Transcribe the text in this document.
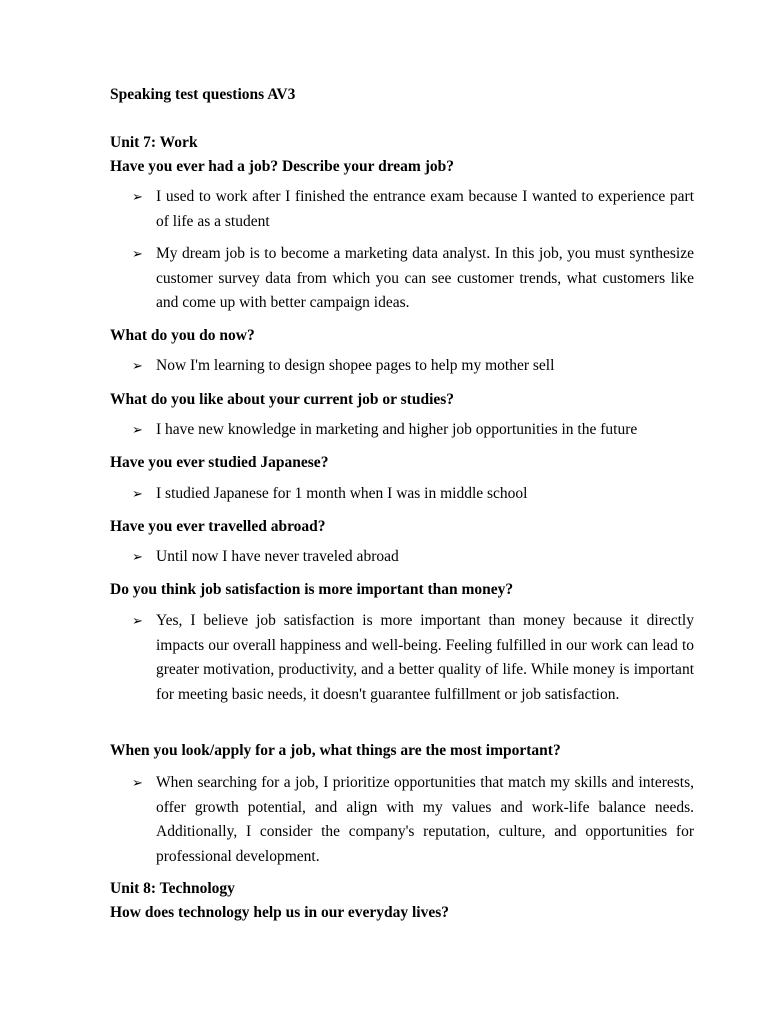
Speaking test questions AV3
Unit 7: Work
Have you ever had a job? Describe your dream job?
➢ I used to work after I finished the entrance exam because I wanted to experience part of life as a student
➢ My dream job is to become a marketing data analyst. In this job, you must synthesize customer survey data from which you can see customer trends, what customers like and come up with better campaign ideas.
What do you do now?
➢ Now I'm learning to design shopee pages to help my mother sell
What do you like about your current job or studies?
➢ I have new knowledge in marketing and higher job opportunities in the future
Have you ever studied Japanese?
➢ I studied Japanese for 1 month when I was in middle school
Have you ever travelled abroad?
➢ Until now I have never traveled abroad
Do you think job satisfaction is more important than money?
➢ Yes, I believe job satisfaction is more important than money because it directly impacts our overall happiness and well-being. Feeling fulfilled in our work can lead to greater motivation, productivity, and a better quality of life. While money is important for meeting basic needs, it doesn't guarantee fulfillment or job satisfaction.
When you look/apply for a job, what things are the most important?
➢ When searching for a job, I prioritize opportunities that match my skills and interests, offer growth potential, and align with my values and work-life balance needs. Additionally, I consider the company's reputation, culture, and opportunities for professional development.
Unit 8: Technology
How does technology help us in our everyday lives?
